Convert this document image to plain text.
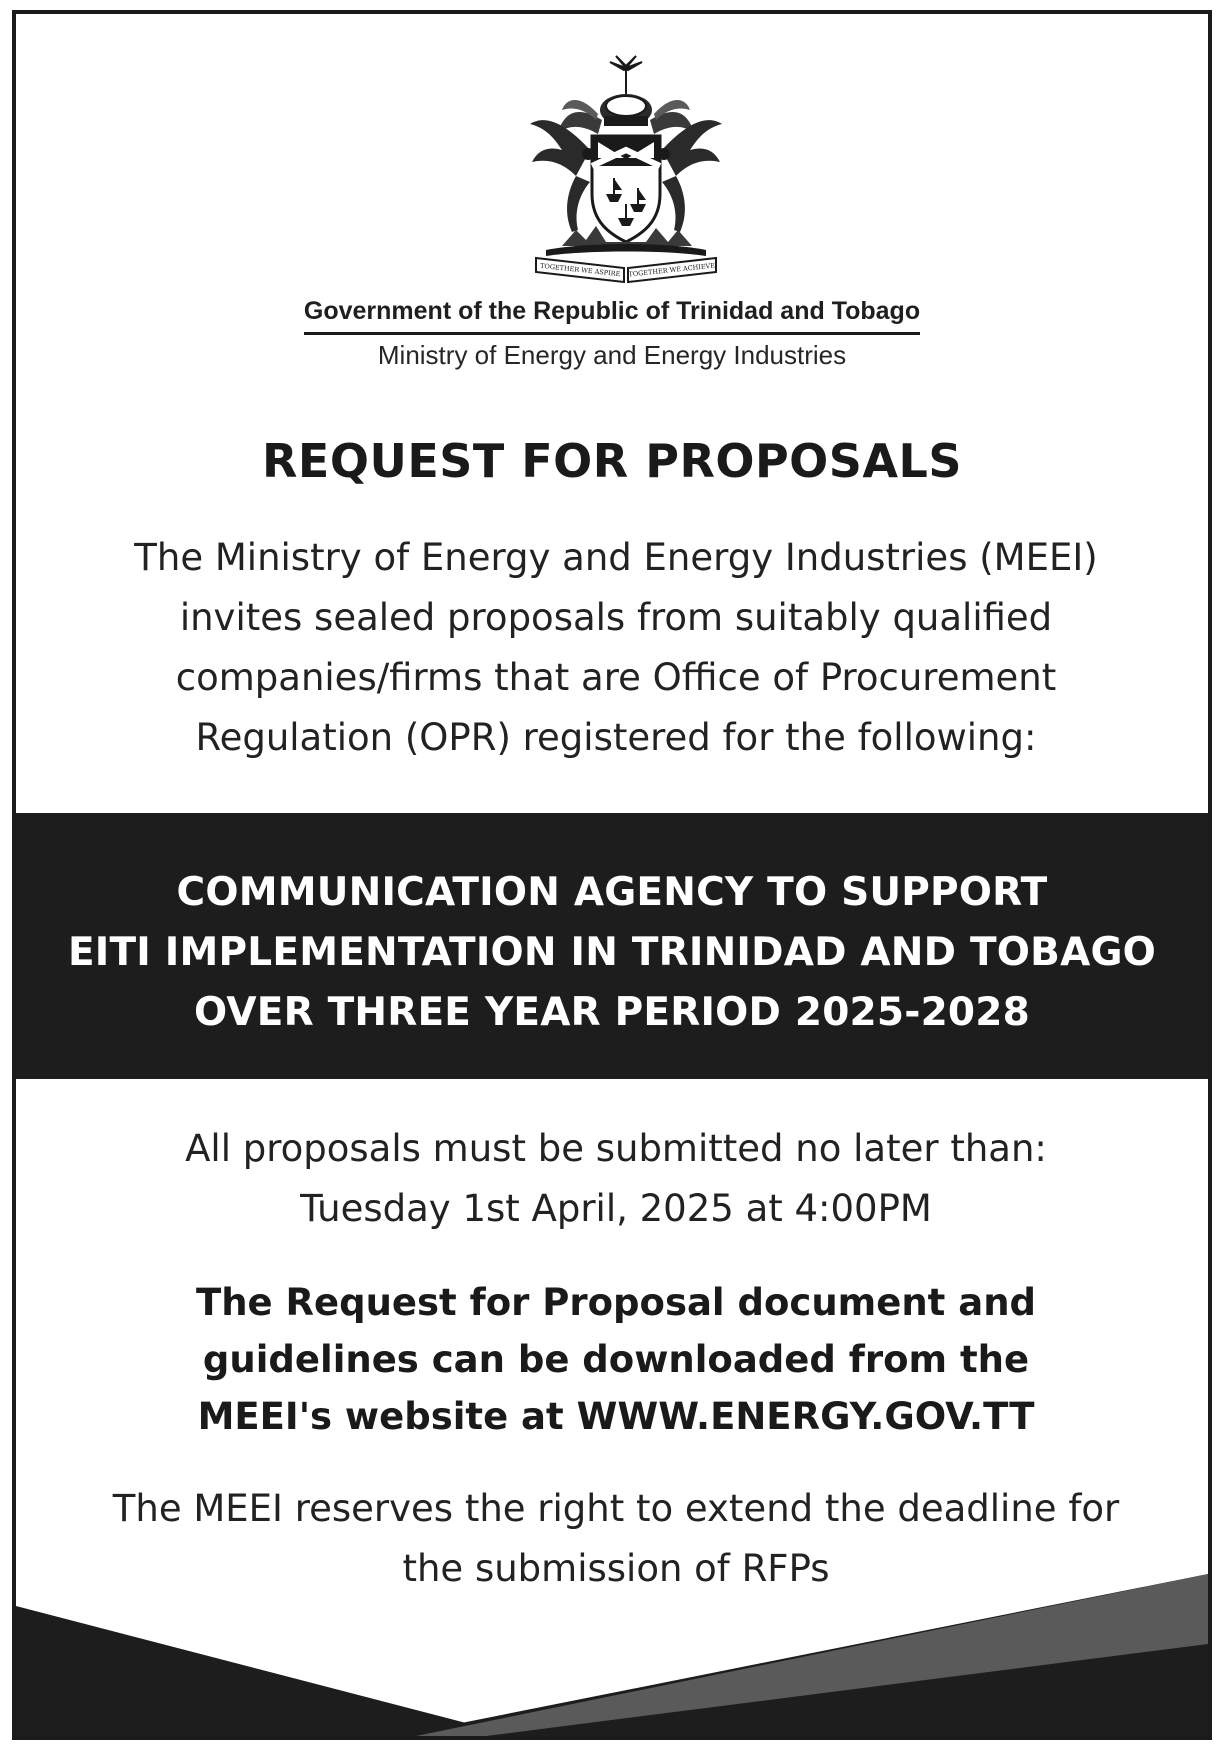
TOGETHER WE ASPIRE TOGETHER WE ACHIEVE
Government of the Republic of Trinidad and Tobago
Ministry of Energy and Energy Industries
REQUEST FOR PROPOSALS
The Ministry of Energy and Energy Industries (MEEI)
invites sealed proposals from suitably qualified
companies/firms that are Office of Procurement
Regulation (OPR) registered for the following:
COMMUNICATION AGENCY TO SUPPORT
EITI IMPLEMENTATION IN TRINIDAD AND TOBAGO
OVER THREE YEAR PERIOD 2025-2028
All proposals must be submitted no later than:
Tuesday 1st April, 2025 at 4:00PM
The Request for Proposal document and
guidelines can be downloaded from the
MEEI's website at WWW.ENERGY.GOV.TT
The MEEI reserves the right to extend the deadline for
the submission of RFPs
